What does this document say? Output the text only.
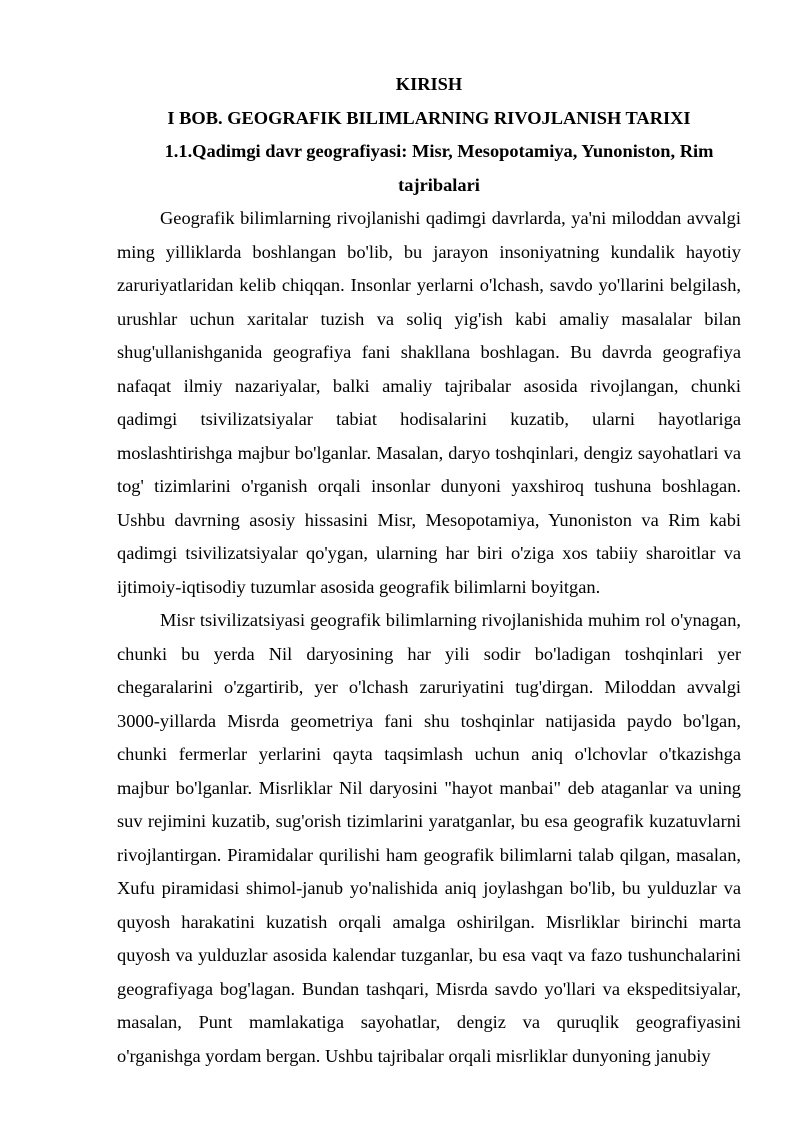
KIRISH

I BOB. GEOGRAFIK BILIMLARNING RIVOJLANISH TARIXI

1.1.Qadimgi davr geografiyasi: Misr, Mesopotamiya, Yunoniston, Rim tajribalari

Geografik bilimlarning rivojlanishi qadimgi davrlarda, ya'ni miloddan avvalgi ming yilliklarda boshlangan bo'lib, bu jarayon insoniyatning kundalik hayotiy zaruriyatlaridan kelib chiqqan. Insonlar yerlarni o'lchash, savdo yo'llarini belgilash, urushlar uchun xaritalar tuzish va soliq yig'ish kabi amaliy masalalar bilan shug'ullanishganida geografiya fani shakllana boshlagan. Bu davrda geografiya nafaqat ilmiy nazariyalar, balki amaliy tajribalar asosida rivojlangan, chunki qadimgi tsivilizatsiyalar tabiat hodisalarini kuzatib, ularni hayotlariga moslashtirishga majbur bo'lganlar. Masalan, daryo toshqinlari, dengiz sayohatlari va tog' tizimlarini o'rganish orqali insonlar dunyoni yaxshiroq tushuna boshlagan. Ushbu davrning asosiy hissasini Misr, Mesopotamiya, Yunoniston va Rim kabi qadimgi tsivilizatsiyalar qo'ygan, ularning har biri o'ziga xos tabiiy sharoitlar va ijtimoiy-iqtisodiy tuzumlar asosida geografik bilimlarni boyitgan.

Misr tsivilizatsiyasi geografik bilimlarning rivojlanishida muhim rol o'ynagan, chunki bu yerda Nil daryosining har yili sodir bo'ladigan toshqinlari yer chegaralarini o'zgartirib, yer o'lchash zaruriyatini tug'dirgan. Miloddan avvalgi 3000-yillarda Misrda geometriya fani shu toshqinlar natijasida paydo bo'lgan, chunki fermerlar yerlarini qayta taqsimlash uchun aniq o'lchovlar o'tkazishga majbur bo'lganlar. Misrliklar Nil daryosini "hayot manbai" deb ataganlar va uning suv rejimini kuzatib, sug'orish tizimlarini yaratganlar, bu esa geografik kuzatuvlarni rivojlantirgan. Piramidalar qurilishi ham geografik bilimlarni talab qilgan, masalan, Xufu piramidasi shimol-janub yo'nalishida aniq joylashgan bo'lib, bu yulduzlar va quyosh harakatini kuzatish orqali amalga oshirilgan. Misrliklar birinchi marta quyosh va yulduzlar asosida kalendar tuzganlar, bu esa vaqt va fazo tushunchalarini geografiyaga bog'lagan. Bundan tashqari, Misrda savdo yo'llari va ekspeditsiyalar, masalan, Punt mamlakatiga sayohatlar, dengiz va quruqlik geografiyasini o'rganishga yordam bergan. Ushbu tajribalar orqali misrliklar dunyoning janubiy
